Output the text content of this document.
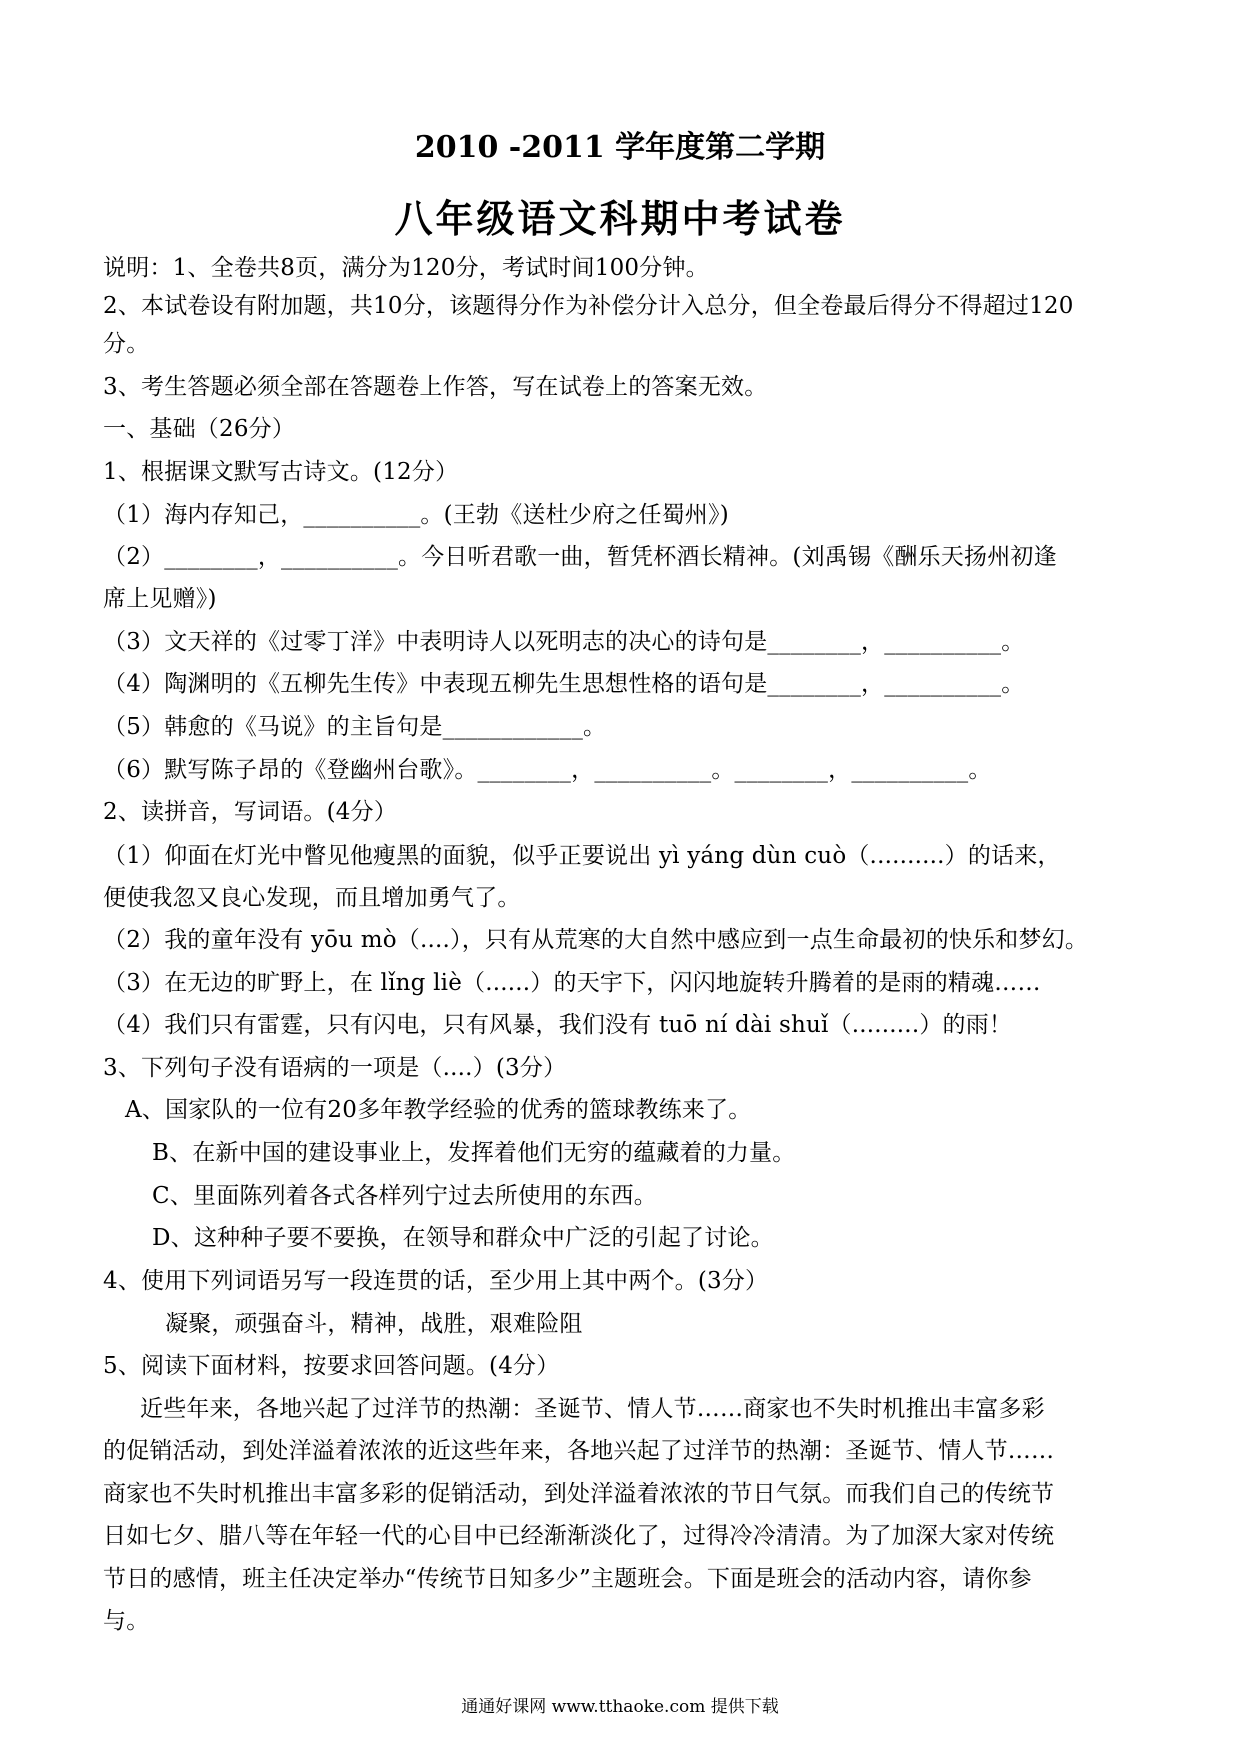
2010 -2011 学年度第二学期
八年级语文科期中考试卷
说明：1、全卷共8页，满分为120分，考试时间100分钟。
2、本试卷设有附加题，共10分，该题得分作为补偿分计入总分，但全卷最后得分不得超过120
分。
3、考生答题必须全部在答题卷上作答，写在试卷上的答案无效。
一、基础（26分）
1、根据课文默写古诗文。(12分）
（1）海内存知己，__________。(王勃《送杜少府之任蜀州》)
（2）________，__________。今日听君歌一曲，暂凭杯酒长精神。(刘禹锡《酬乐天扬州初逢
席上见赠》)
（3）文天祥的《过零丁洋》中表明诗人以死明志的决心的诗句是________，__________。
（4）陶渊明的《五柳先生传》中表现五柳先生思想性格的语句是________，__________。
（5）韩愈的《马说》的主旨句是____________。
（6）默写陈子昂的《登幽州台歌》。________，__________。________，__________。
2、读拼音，写词语。(4分）
（1）仰面在灯光中瞥见他瘦黑的面貌，似乎正要说出 yì yáng dùn cuò（..........）的话来，
便使我忽又良心发现，而且增加勇气了。
（2）我的童年没有 yōu mò（....），只有从荒寒的大自然中感应到一点生命最初的快乐和梦幻。
（3）在无边的旷野上，在 lǐng liè（......）的天宇下，闪闪地旋转升腾着的是雨的精魂……
（4）我们只有雷霆，只有闪电，只有风暴，我们没有 tuō ní dài shuǐ（.........）的雨！
3、下列句子没有语病的一项是（....）(3分）
A、国家队的一位有20多年教学经验的优秀的篮球教练来了。
B、在新中国的建设事业上，发挥着他们无穷的蕴藏着的力量。
C、里面陈列着各式各样列宁过去所使用的东西。
D、这种种子要不要换，在领导和群众中广泛的引起了讨论。
4、使用下列词语另写一段连贯的话，至少用上其中两个。(3分）
凝聚，顽强奋斗，精神，战胜，艰难险阻
5、阅读下面材料，按要求回答问题。(4分）
近些年来，各地兴起了过洋节的热潮：圣诞节、情人节……商家也不失时机推出丰富多彩
的促销活动，到处洋溢着浓浓的近这些年来，各地兴起了过洋节的热潮：圣诞节、情人节……
商家也不失时机推出丰富多彩的促销活动，到处洋溢着浓浓的节日气氛。而我们自己的传统节
日如七夕、腊八等在年轻一代的心目中已经渐渐淡化了，过得冷冷清清。为了加深大家对传统
节日的感情，班主任决定举办“传统节日知多少”主题班会。下面是班会的活动内容，请你参
与。
通通好课网 www.tthaoke.com 提供下载
